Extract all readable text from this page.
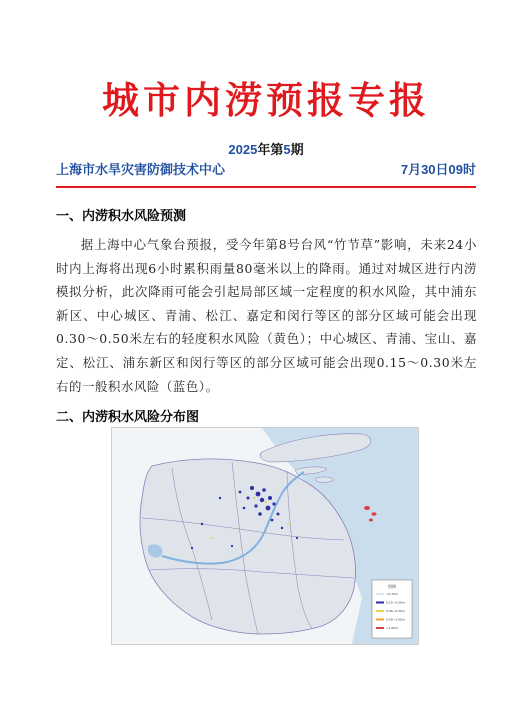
城市内涝预报专报
2025年第5期
上海市水旱灾害防御技术中心	7月30日09时
一、内涝积水风险预测
据上海中心气象台预报，受今年第8号台风“竹节草”影响，未来24小时内上海将出现6小时累积雨量80毫米以上的降雨。通过对城区进行内涝模拟分析，此次降雨可能会引起局部区域一定程度的积水风险，其中浦东新区、中心城区、青浦、松江、嘉定和闵行等区的部分区域可能会出现0.30～0.50米左右的轻度积水风险（黄色）；中心城区、青浦、宝山、嘉定、松江、浦东新区和闵行等区的部分区域可能会出现0.15～0.30米左右的一般积水风险（蓝色）。
二、内涝积水风险分布图
图例
<0.15m
0.15~0.30m
0.30~0.50m
0.50~1.00m
>1.00m
